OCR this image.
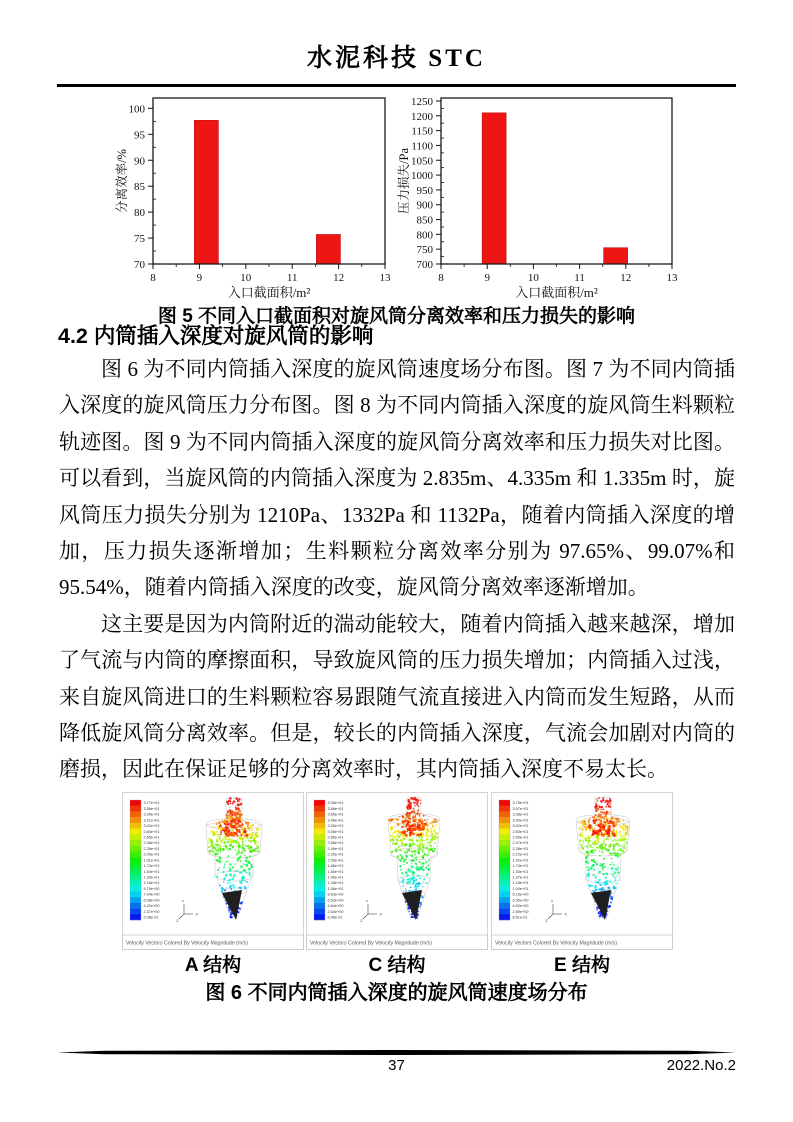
水泥科技 STC
8	9	10	11	12	13
70
75
80
85
90
95
100
入口截面积/m²
分离效率/%
8	9	10	11	12	13
700
750
800
850
900
950
1000
1050
1100
1150
1200
1250
入口截面积/m²
压力损失/Pa
图 5 不同入口截面积对旋风筒分离效率和压力损失的影响
4.2 内筒插入深度对旋风筒的影响

图 6 为不同内筒插入深度的旋风筒速度场分布图。图 7 为不同内筒插入深度的旋风筒压力分布图。图 8 为不同内筒插入深度的旋风筒生料颗粒轨迹图。图 9 为不同内筒插入深度的旋风筒分离效率和压力损失对比图。可以看到，当旋风筒的内筒插入深度为 2.835m、4.335m 和 1.335m 时，旋风筒压力损失分别为 1210Pa、1332Pa 和 1132Pa，随着内筒插入深度的增加，压力损失逐渐增加；生料颗粒分离效率分别为 97.65%、99.07%和 95.54%，随着内筒插入深度的改变，旋风筒分离效率逐渐增加。

这主要是因为内筒附近的湍动能较大，随着内筒插入越来越深，增加了气流与内筒的摩擦面积，导致旋风筒的压力损失增加；内筒插入过浅，来自旋风筒进口的生料颗粒容易跟随气流直接进入内筒而发生短路，从而降低旋风筒分离效率。但是，较长的内筒插入深度，气流会加剧对内筒的磨损，因此在保证足够的分离效率时，其内筒插入深度不易太长。

3.77e+01
3.58e+01
3.39e+01
3.21e+01
3.02e+01
2.84e+01
2.65e+01
2.46e+01
2.28e+01
2.09e+01
1.91e+01
1.72e+01
1.54e+01
1.35e+01
1.16e+01
9.79e+00
7.94e+00
6.08e+00
4.22e+00
2.37e+00
5.08e-01
Y
X
Z
Velocity Vectors Colored By Velocity Magnitude (m/s)
4.06e+01
3.86e+01
3.66e+01
3.46e+01
3.26e+01
3.06e+01
2.86e+01
2.66e+01
2.46e+01
2.26e+01
2.06e+01
1.86e+01
1.66e+01
1.46e+01
1.26e+01
1.06e+01
8.63e+00
6.63e+00
4.64e+00
2.64e+00
6.46e-01
Y
X
Z
Velocity Vectors Colored By Velocity Magnitude (m/s)
3.75e+01
3.57e+01
3.38e+01
3.20e+01
3.02e+01
2.83e+01
2.65e+01
2.47e+01
2.28e+01
2.10e+01
1.92e+01
1.73e+01
1.55e+01
1.37e+01
1.18e+01
1.00e+01
8.18e+00
6.35e+00
4.52e+00
2.69e+00
8.61e-01
Y
X
Z
Velocity Vectors Colored By Velocity Magnitude (m/s)
A 结构	C 结构	E 结构
图 6 不同内筒插入深度的旋风筒速度场分布
37	2022.No.2
